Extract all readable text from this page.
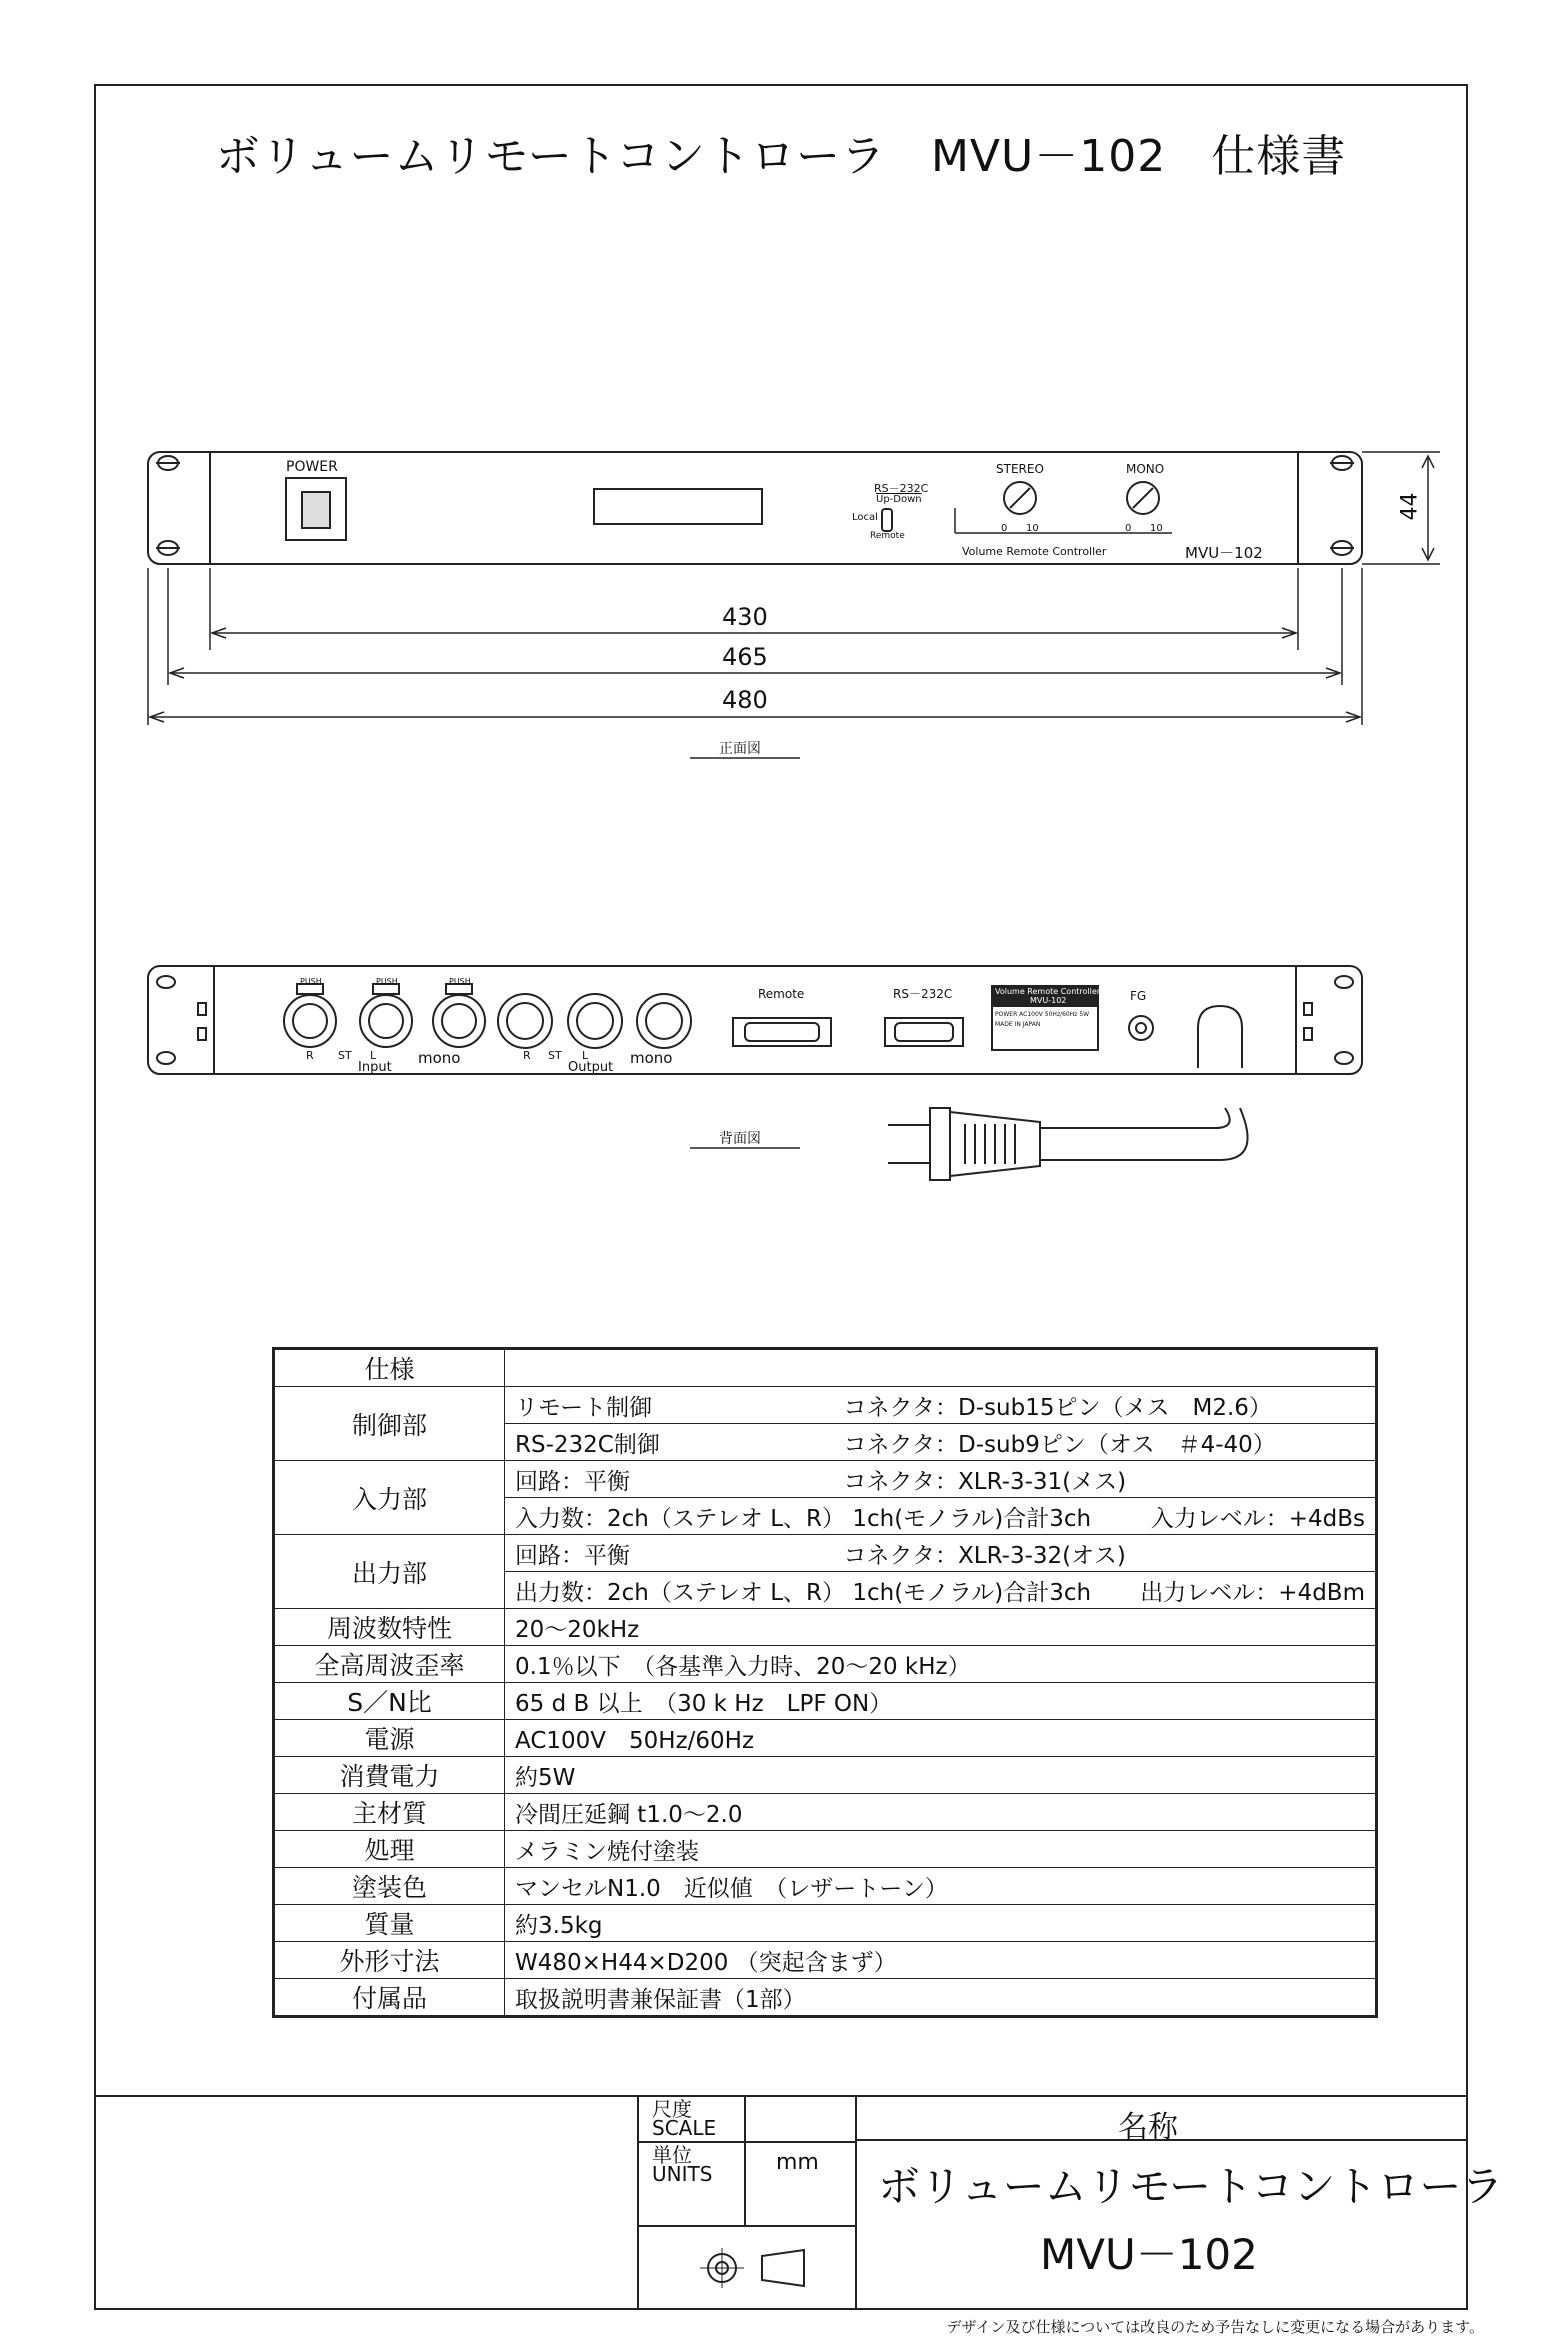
ボリュームリモートコントローラ　MVU－102　仕様書
POWER
RS－232C
Up-Down
Local
Remote
STEREO	MONO
0 10	0 10
Volume Remote Controller	MVU－102
44
430
465
480
正面図
PUSH	PUSH	PUSH
R ST L	mono
Input
R ST L	mono
Output
Remote	RS－232C	Volume Remote Controller
MVU-102
POWER AC100V 50Hz/60Hz 5W
MADE IN JAPAN
FG
背面図
仕様	
制御部	リモート制御 コネクタ：D-sub15ピン（メス　M2.6）

	RS-232C制御 コネクタ：D-sub9ピン（オス　＃4-40）

入力部	回路：平衡 コネクタ：XLR-3-31(メス)

	入力数：2ch（ステレオ L、R） 1ch(モノラル)合計3ch 入力レベル：+4dBs

出力部	回路：平衡 コネクタ：XLR-3-32(オス)

	出力数：2ch（ステレオ L、R） 1ch(モノラル)合計3ch 出力レベル：+4dBm

周波数特性	20～20kHz
全高周波歪率	0.1％以下　（各基準入力時、20～20 kHz）
S／N比	65 d B 以上　（30 k Hz　LPF ON）
電源	AC100V　50Hz/60Hz
消費電力	約5W
主材質	冷間圧延鋼 t1.0～2.0
処理	メラミン焼付塗装
塗装色	マンセルN1.0　近似値　（レザートーン）
質量	約3.5kg
外形寸法	W480×H44×D200 （突起含まず）
付属品	取扱説明書兼保証書（1部）
尺度
SCALE
単位
UNITS	mm
名称
ボリュームリモートコントローラ
MVU－102
デザイン及び仕様については改良のため予告なしに変更になる場合があります。
